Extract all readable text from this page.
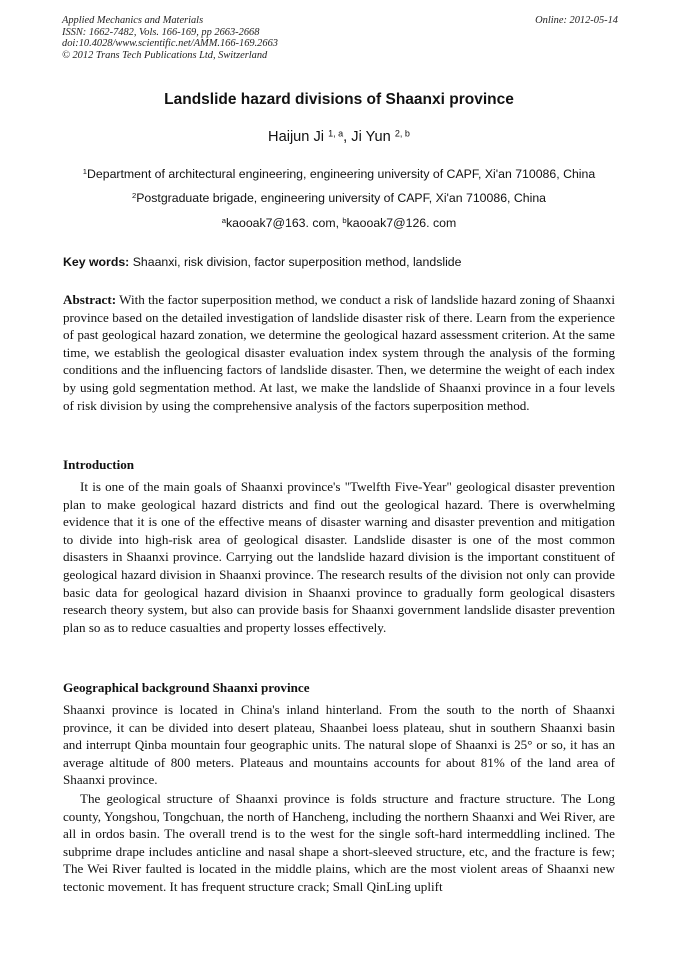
Applied Mechanics and Materials
ISSN: 1662-7482, Vols. 166-169, pp 2663-2668
doi:10.4028/www.scientific.net/AMM.166-169.2663
© 2012 Trans Tech Publications Ltd, Switzerland
Online: 2012-05-14
Landslide hazard divisions of Shaanxi province
Haijun Ji $^{1, a}$, Ji Yun $^{2, b}$
$^1$Department of architectural engineering, engineering university of CAPF, Xi'an 710086, China
$^2$Postgraduate brigade, engineering university of CAPF, Xi'an 710086, China
$^a$kaooak7@163. com, $^b$kaooak7@126. com
Key words: Shaanxi, risk division, factor superposition method, landslide

Abstract: With the factor superposition method, we conduct a risk of landslide hazard zoning of Shaanxi province based on the detailed investigation of landslide disaster risk of there. Learn from the experience of past geological hazard zonation, we determine the geological hazard assessment criterion. At the same time, we establish the geological disaster evaluation index system through the analysis of the forming conditions and the influencing factors of landslide disaster. Then, we determine the weight of each index by using gold segmentation method. At last, we make the landslide of Shaanxi province in a four levels of risk division by using the comprehensive analysis of the factors superposition method.

Introduction

It is one of the main goals of Shaanxi province's "Twelfth Five-Year" geological disaster prevention plan to make geological hazard districts and find out the geological hazard. There is overwhelming evidence that it is one of the effective means of disaster warning and disaster prevention and mitigation to divide into high-risk area of geological disaster. Landslide disaster is one of the most common disasters in Shaanxi province. Carrying out the landslide hazard division is the important constituent of geological hazard division in Shaanxi province. The research results of the division not only can provide basic data for geological hazard division in Shaanxi province to gradually form geological disasters research theory system, but also can provide basis for Shaanxi government landslide disaster prevention plan so as to reduce casualties and property losses effectively.

Geographical background Shaanxi province

Shaanxi province is located in China's inland hinterland. From the south to the north of Shaanxi province, it can be divided into desert plateau, Shaanbei loess plateau, shut in southern Shaanxi basin and interrupt Qinba mountain four geographic units. The natural slope of Shaanxi is 25° or so, it has an average altitude of 800 meters. Plateaus and mountains accounts for about 81% of the land area of Shaanxi province.

The geological structure of Shaanxi province is folds structure and fracture structure. The Long county, Yongshou, Tongchuan, the north of Hancheng, including the northern Shaanxi and Wei River, are all in ordos basin. The overall trend is to the west for the single soft-hard intermeddling inclined. The subprime drape includes anticline and nasal shape a short-sleeved structure, etc, and the fracture is few; The Wei River faulted is located in the middle plains, which are the most violent areas of Shaanxi new tectonic movement. It has frequent structure crack; Small QinLing uplift
